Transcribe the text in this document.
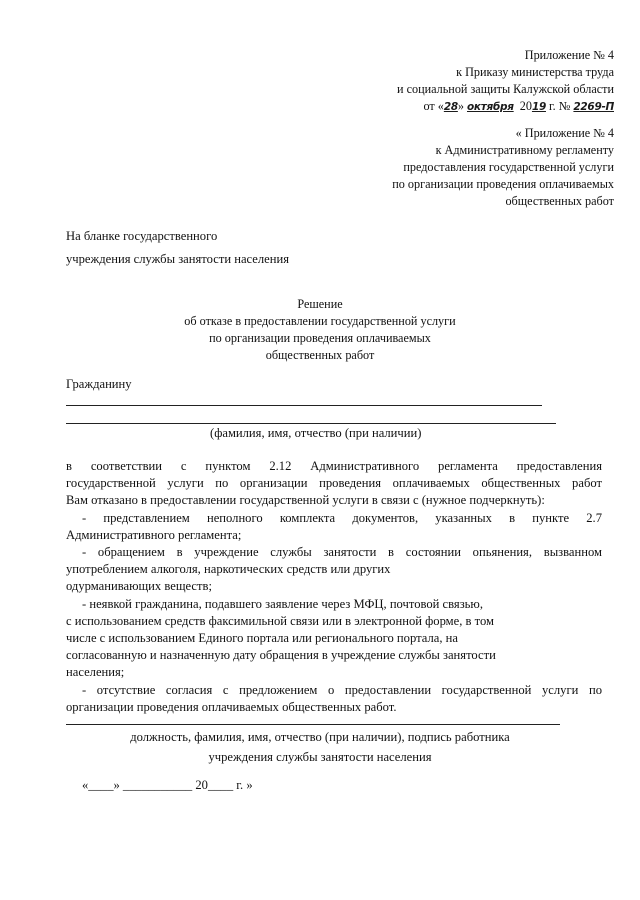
Приложение № 4
к Приказу министерства труда
и социальной защиты Калужской области
от «28» октября 2019 г. № 2269-П
« Приложение № 4
к Административному регламенту
предоставления государственной услуги
по организации проведения оплачиваемых
общественных работ
На бланке государственного
учреждения службы занятости населения
Решение
об отказе в предоставлении государственной услуги
по организации проведения оплачиваемых
общественных работ
Гражданину
(фамилия, имя, отчество (при наличии)

в соответствии с пунктом 2.12 Административного регламента предоставления

государственной услуги по организации проведения оплачиваемых общественных работ

Вам отказано в предоставлении государственной услуги в связи с (нужное подчеркнуть):

- представлением неполного комплекта документов, указанных в пункте 2.7

Административного регламента;

- обращением в учреждение службы занятости в состоянии опьянения, вызванном

употреблением алкоголя, наркотических средств или других

одурманивающих веществ;

- неявкой гражданина, подавшего заявление через МФЦ, почтовой связью,

с использованием средств факсимильной связи или в электронной форме, в том

числе с использованием Единого портала или регионального портала, на

согласованную и назначенную дату обращения в учреждение службы занятости

населения;

- отсутствие согласия с предложением о предоставлении государственной услуги по

организации проведения оплачиваемых общественных работ.

должность, фамилия, имя, отчество (при наличии), подпись работника
учреждения службы занятости населения
«____» ___________ 20____ г. »
